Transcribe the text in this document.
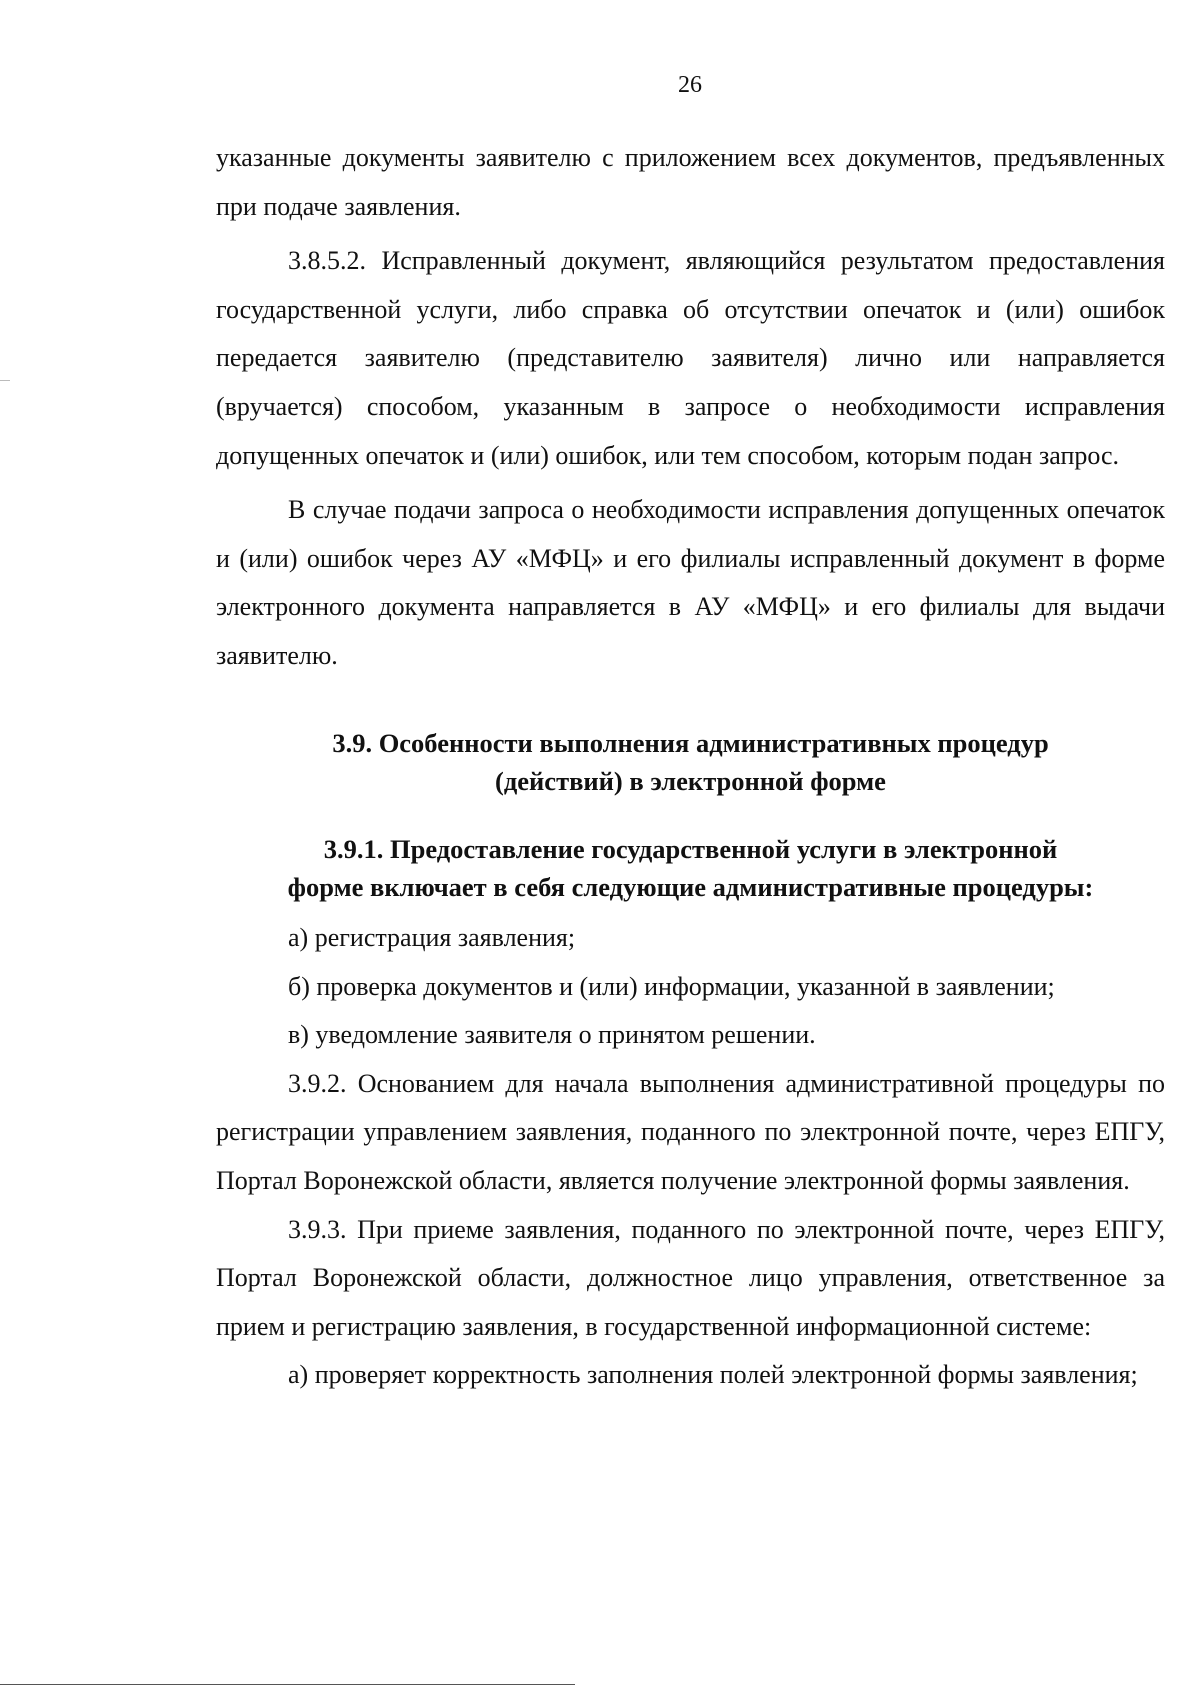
26

указанные документы заявителю с приложением всех документов, предъявленных при подаче заявления.

3.8.5.2. Исправленный документ, являющийся результатом предоставления государственной услуги, либо справка об отсутствии опечаток и (или) ошибок передается заявителю (представителю заявителя) лично или направляется (вручается) способом, указанным в запросе о необходимости исправления допущенных опечаток и (или) ошибок, или тем способом, которым подан запрос.

В случае подачи запроса о необходимости исправления допущенных опечаток и (или) ошибок через АУ «МФЦ» и его филиалы исправленный документ в форме электронного документа направляется в АУ «МФЦ» и его филиалы для выдачи заявителю.

3.9. Особенности выполнения административных процедур
(действий) в электронной форме
3.9.1. Предоставление государственной услуги в электронной
форме включает в себя следующие административные процедуры:

а) регистрация заявления;

б) проверка документов и (или) информации, указанной в заявлении;

в) уведомление заявителя о принятом решении.

3.9.2. Основанием для начала выполнения административной процедуры по регистрации управлением заявления, поданного по электронной почте, через ЕПГУ, Портал Воронежской области, является получение электронной формы заявления.

3.9.3. При приеме заявления, поданного по электронной почте, через ЕПГУ, Портал Воронежской области, должностное лицо управления, ответственное за прием и регистрацию заявления, в государственной информационной системе:

а) проверяет корректность заполнения полей электронной формы заявления;
